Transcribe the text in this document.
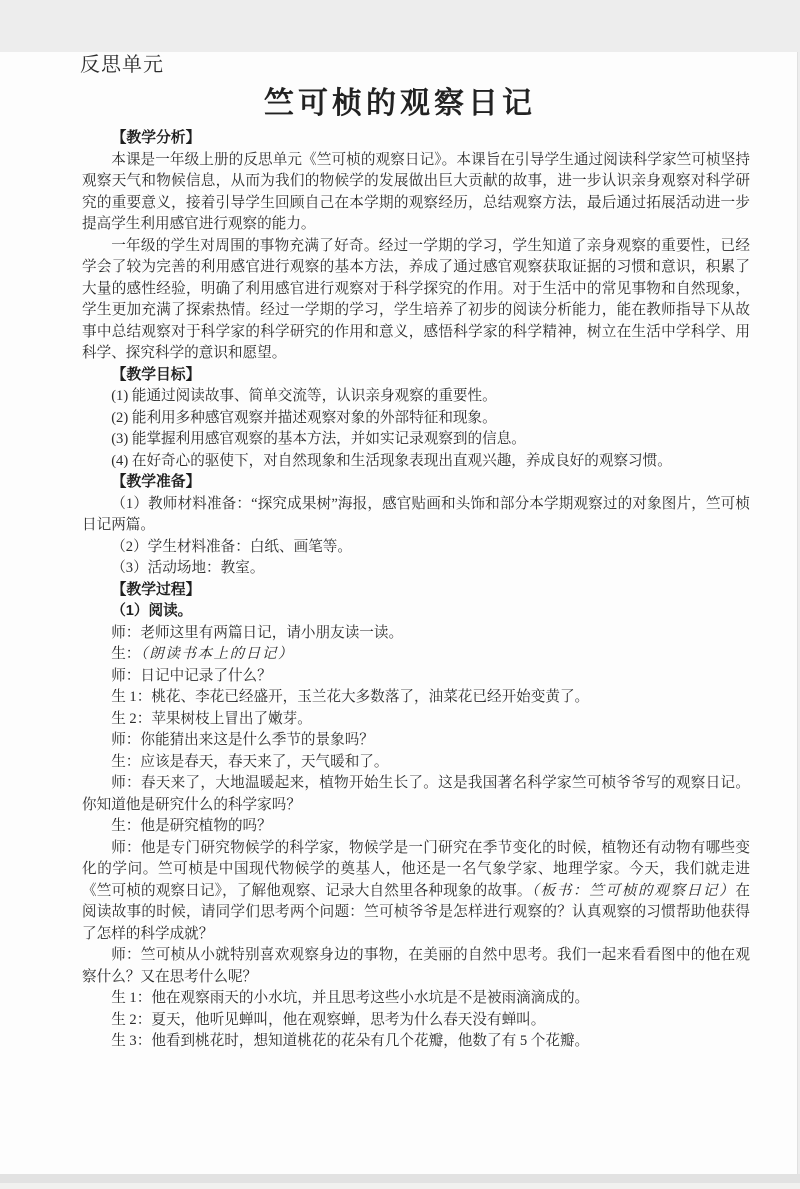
反思单元
竺可桢的观察日记

【教学分析】

本课是一年级上册的反思单元《竺可桢的观察日记》。本课旨在引导学生通过阅读科学家竺可桢坚持观察天气和物候信息，从而为我们的物候学的发展做出巨大贡献的故事，进一步认识亲身观察对科学研究的重要意义，接着引导学生回顾自己在本学期的观察经历，总结观察方法，最后通过拓展活动进一步提高学生利用感官进行观察的能力。

一年级的学生对周围的事物充满了好奇。经过一学期的学习，学生知道了亲身观察的重要性，已经学会了较为完善的利用感官进行观察的基本方法，养成了通过感官观察获取证据的习惯和意识，积累了大量的感性经验，明确了利用感官进行观察对于科学探究的作用。对于生活中的常见事物和自然现象，学生更加充满了探索热情。经过一学期的学习，学生培养了初步的阅读分析能力，能在教师指导下从故事中总结观察对于科学家的科学研究的作用和意义，感悟科学家的科学精神，树立在生活中学科学、用科学、探究科学的意识和愿望。

【教学目标】

(1) 能通过阅读故事、简单交流等，认识亲身观察的重要性。

(2) 能利用多种感官观察并描述观察对象的外部特征和现象。

(3) 能掌握利用感官观察的基本方法，并如实记录观察到的信息。

(4) 在好奇心的驱使下，对自然现象和生活现象表现出直观兴趣，养成良好的观察习惯。

【教学准备】

（1）教师材料准备：“探究成果树”海报，感官贴画和头饰和部分本学期观察过的对象图片，竺可桢日记两篇。

（2）学生材料准备：白纸、画笔等。

（3）活动场地：教室。

【教学过程】

（1）阅读。

师：老师这里有两篇日记，请小朋友读一读。

生：（朗读书本上的日记）

师：日记中记录了什么？

生 1：桃花、李花已经盛开，玉兰花大多数落了，油菜花已经开始变黄了。

生 2：苹果树枝上冒出了嫩芽。

师：你能猜出来这是什么季节的景象吗？

生：应该是春天，春天来了，天气暖和了。

师：春天来了，大地温暖起来，植物开始生长了。这是我国著名科学家竺可桢爷爷写的观察日记。你知道他是研究什么的科学家吗？

生：他是研究植物的吗？

师：他是专门研究物候学的科学家，物候学是一门研究在季节变化的时候，植物还有动物有哪些变化的学问。竺可桢是中国现代物候学的奠基人，他还是一名气象学家、地理学家。今天，我们就走进《竺可桢的观察日记》，了解他观察、记录大自然里各种现象的故事。（板书：竺可桢的观察日记）在阅读故事的时候，请同学们思考两个问题：竺可桢爷爷是怎样进行观察的？认真观察的习惯帮助他获得了怎样的科学成就？

师：竺可桢从小就特别喜欢观察身边的事物，在美丽的自然中思考。我们一起来看看图中的他在观察什么？又在思考什么呢？

生 1：他在观察雨天的小水坑，并且思考这些小水坑是不是被雨滴滴成的。

生 2：夏天，他听见蝉叫，他在观察蝉，思考为什么春天没有蝉叫。

生 3：他看到桃花时，想知道桃花的花朵有几个花瓣，他数了有 5 个花瓣。
